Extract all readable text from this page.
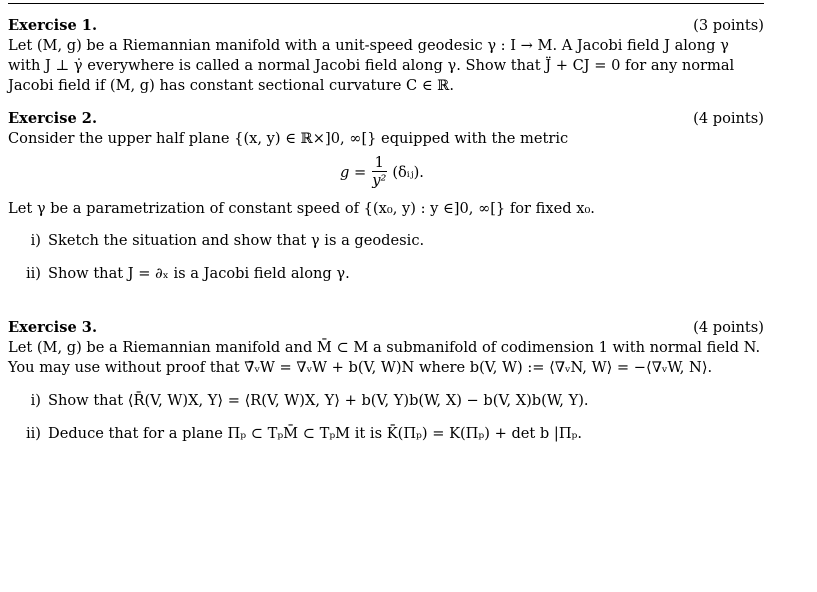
Exercise 1.	(3 points)
Let (M, g) be a Riemannian manifold with a unit-speed geodesic γ : I → M. A Jacobi field J along γ
with J ⊥ γ̇ everywhere is called a normal Jacobi field along γ. Show that J̈ + CJ = 0 for any normal
Jacobi field if (M, g) has constant sectional curvature C ∈ ℝ.
Exercise 2.	(4 points)
Consider the upper half plane {(x, y) ∈ ℝ×]0, ∞[} equipped with the metric
$g = \frac{1}{\text{y²}}$ (δᵢⱼ).
Let γ be a parametrization of constant speed of {(x₀, y) : y ∈]0, ∞[} for fixed x₀.
i) Sketch the situation and show that γ is a geodesic.
ii) Show that J = ∂ₓ is a Jacobi field along γ.
Exercise 3.	(4 points)
Let (M, g) be a Riemannian manifold and M̄ ⊂ M a submanifold of codimension 1 with normal field N.
You may use without proof that ∇̄ᵥW = ∇ᵥW + b(V, W)N where b(V, W) := ⟨∇ᵥN, W⟩ = −⟨∇ᵥW, N⟩.
i) Show that ⟨R̄(V, W)X, Y⟩ = ⟨R(V, W)X, Y⟩ + b(V, Y)b(W, X) − b(V, X)b(W, Y).
ii) Deduce that for a plane Πₚ ⊂ TₚM̄ ⊂ TₚM it is K̄(Πₚ) = K(Πₚ) + det b |Πₚ.
